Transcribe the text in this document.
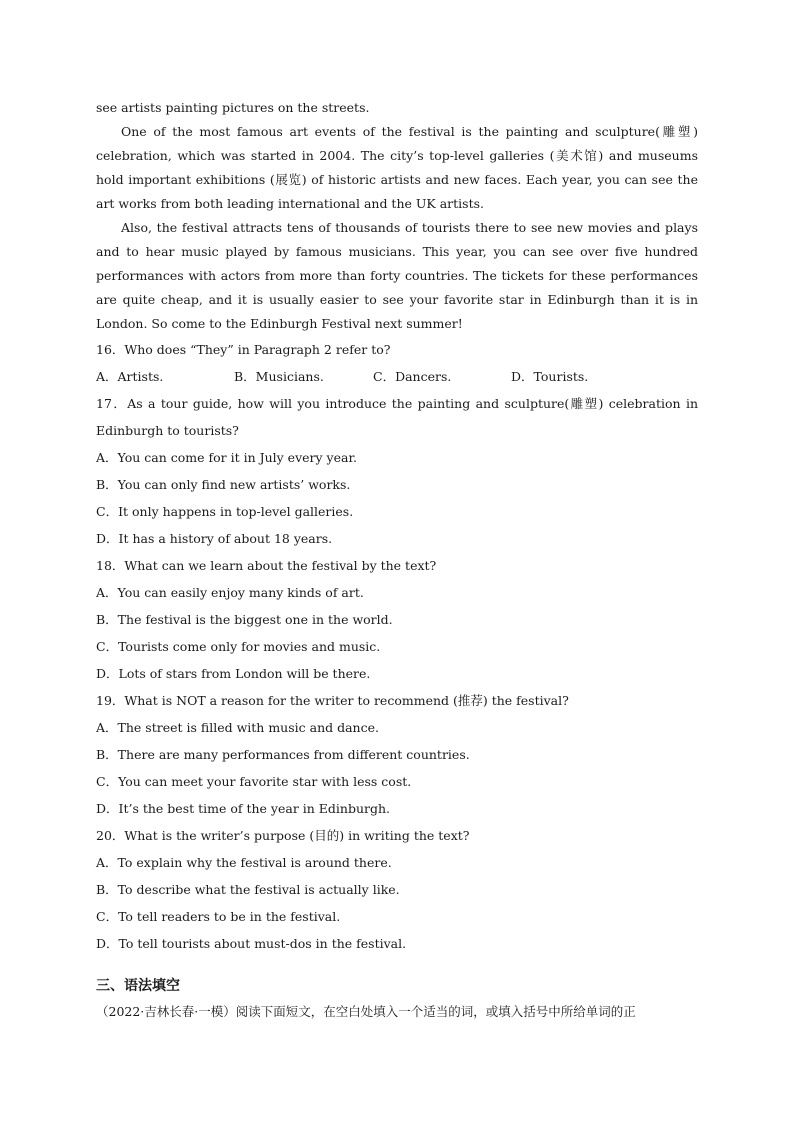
see artists painting pictures on the streets.
One of the most famous art events of the festival is the painting and sculpture(雕塑) celebration, which was started in 2004. The city’s top-level galleries (美术馆) and museums hold important exhibitions (展览) of historic artists and new faces. Each year, you can see the art works from both leading international and the UK artists.
Also, the festival attracts tens of thousands of tourists there to see new movies and plays and to hear music played by famous musicians. This year, you can see over five hundred performances with actors from more than forty countries. The tickets for these performances are quite cheap, and it is usually easier to see your favorite star in Edinburgh than it is in London. So come to the Edinburgh Festival next summer!
16．Who does “They” in Paragraph 2 refer to?
A．Artists.	B．Musicians.	C．Dancers.	D．Tourists.
17．As a tour guide, how will you introduce the painting and sculpture(雕塑) celebration in Edinburgh to tourists?
A．You can come for it in July every year.
B．You can only find new artists’ works.
C．It only happens in top-level galleries.
D．It has a history of about 18 years.
18．What can we learn about the festival by the text?
A．You can easily enjoy many kinds of art.
B．The festival is the biggest one in the world.
C．Tourists come only for movies and music.
D．Lots of stars from London will be there.
19．What is NOT a reason for the writer to recommend (推荐) the festival?
A．The street is filled with music and dance.
B．There are many performances from different countries.
C．You can meet your favorite star with less cost.
D．It’s the best time of the year in Edinburgh.
20．What is the writer’s purpose (目的) in writing the text?
A．To explain why the festival is around there.
B．To describe what the festival is actually like.
C．To tell readers to be in the festival.
D．To tell tourists about must-dos in the festival.
三、语法填空
（2022·吉林长春·一模）阅读下面短文，在空白处填入一个适当的词，或填入括号中所给单词的正
